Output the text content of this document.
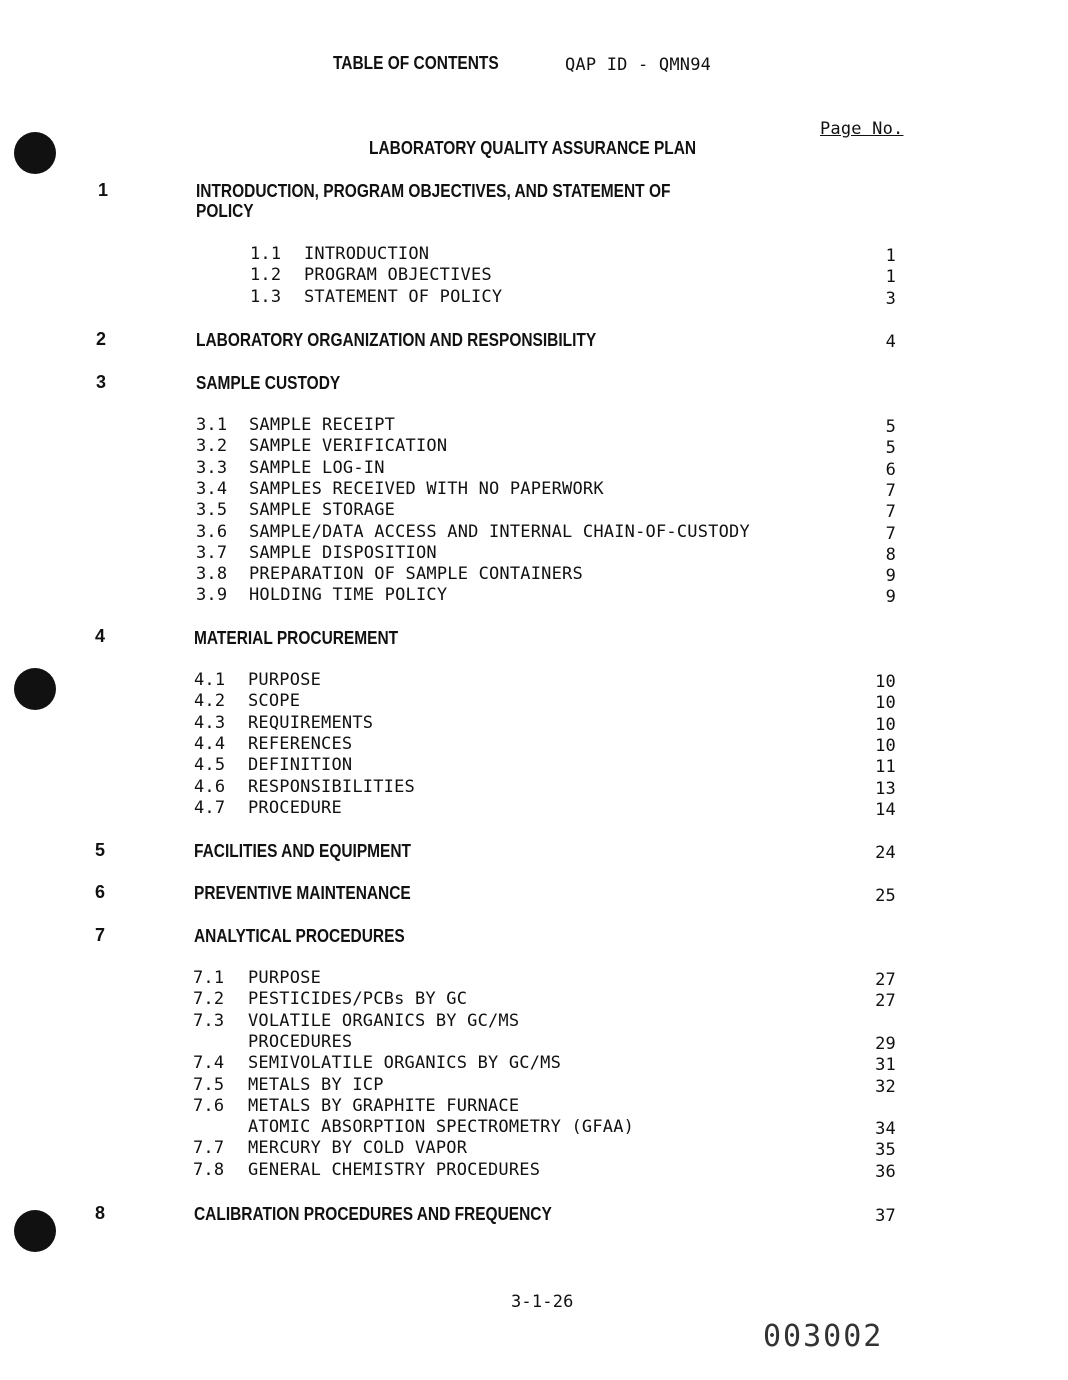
TABLE OF CONTENTS	QAP ID - QMN94
Page No.
LABORATORY QUALITY ASSURANCE PLAN
1	INTRODUCTION, PROGRAM OBJECTIVES, AND STATEMENT OF
POLICY
1.1 INTRODUCTION	1
1.2 PROGRAM OBJECTIVES	1
1.3 STATEMENT OF POLICY	3
2	LABORATORY ORGANIZATION AND RESPONSIBILITY	4
3	SAMPLE CUSTODY
3.1 SAMPLE RECEIPT	5
3.2 SAMPLE VERIFICATION	5
3.3 SAMPLE LOG-IN	6
3.4 SAMPLES RECEIVED WITH NO PAPERWORK	7
3.5 SAMPLE STORAGE	7
3.6 SAMPLE/DATA ACCESS AND INTERNAL CHAIN-OF-CUSTODY	7
3.7 SAMPLE DISPOSITION	8
3.8 PREPARATION OF SAMPLE CONTAINERS	9
3.9 HOLDING TIME POLICY	9
4	MATERIAL PROCUREMENT
4.1 PURPOSE	10
4.2 SCOPE	10
4.3 REQUIREMENTS	10
4.4 REFERENCES	10
4.5 DEFINITION	11
4.6 RESPONSIBILITIES	13
4.7 PROCEDURE	14
5	FACILITIES AND EQUIPMENT	24
6	PREVENTIVE MAINTENANCE	25
7	ANALYTICAL PROCEDURES
7.1 PURPOSE	27
7.2 PESTICIDES/PCBs BY GC	27
7.3 VOLATILE ORGANICS BY GC/MS
PROCEDURES	29
7.4 SEMIVOLATILE ORGANICS BY GC/MS	31
7.5 METALS BY ICP	32
7.6 METALS BY GRAPHITE FURNACE
ATOMIC ABSORPTION SPECTROMETRY (GFAA)	34
7.7 MERCURY BY COLD VAPOR	35
7.8 GENERAL CHEMISTRY PROCEDURES	36
8	CALIBRATION PROCEDURES AND FREQUENCY	37
3-1-26
003002
